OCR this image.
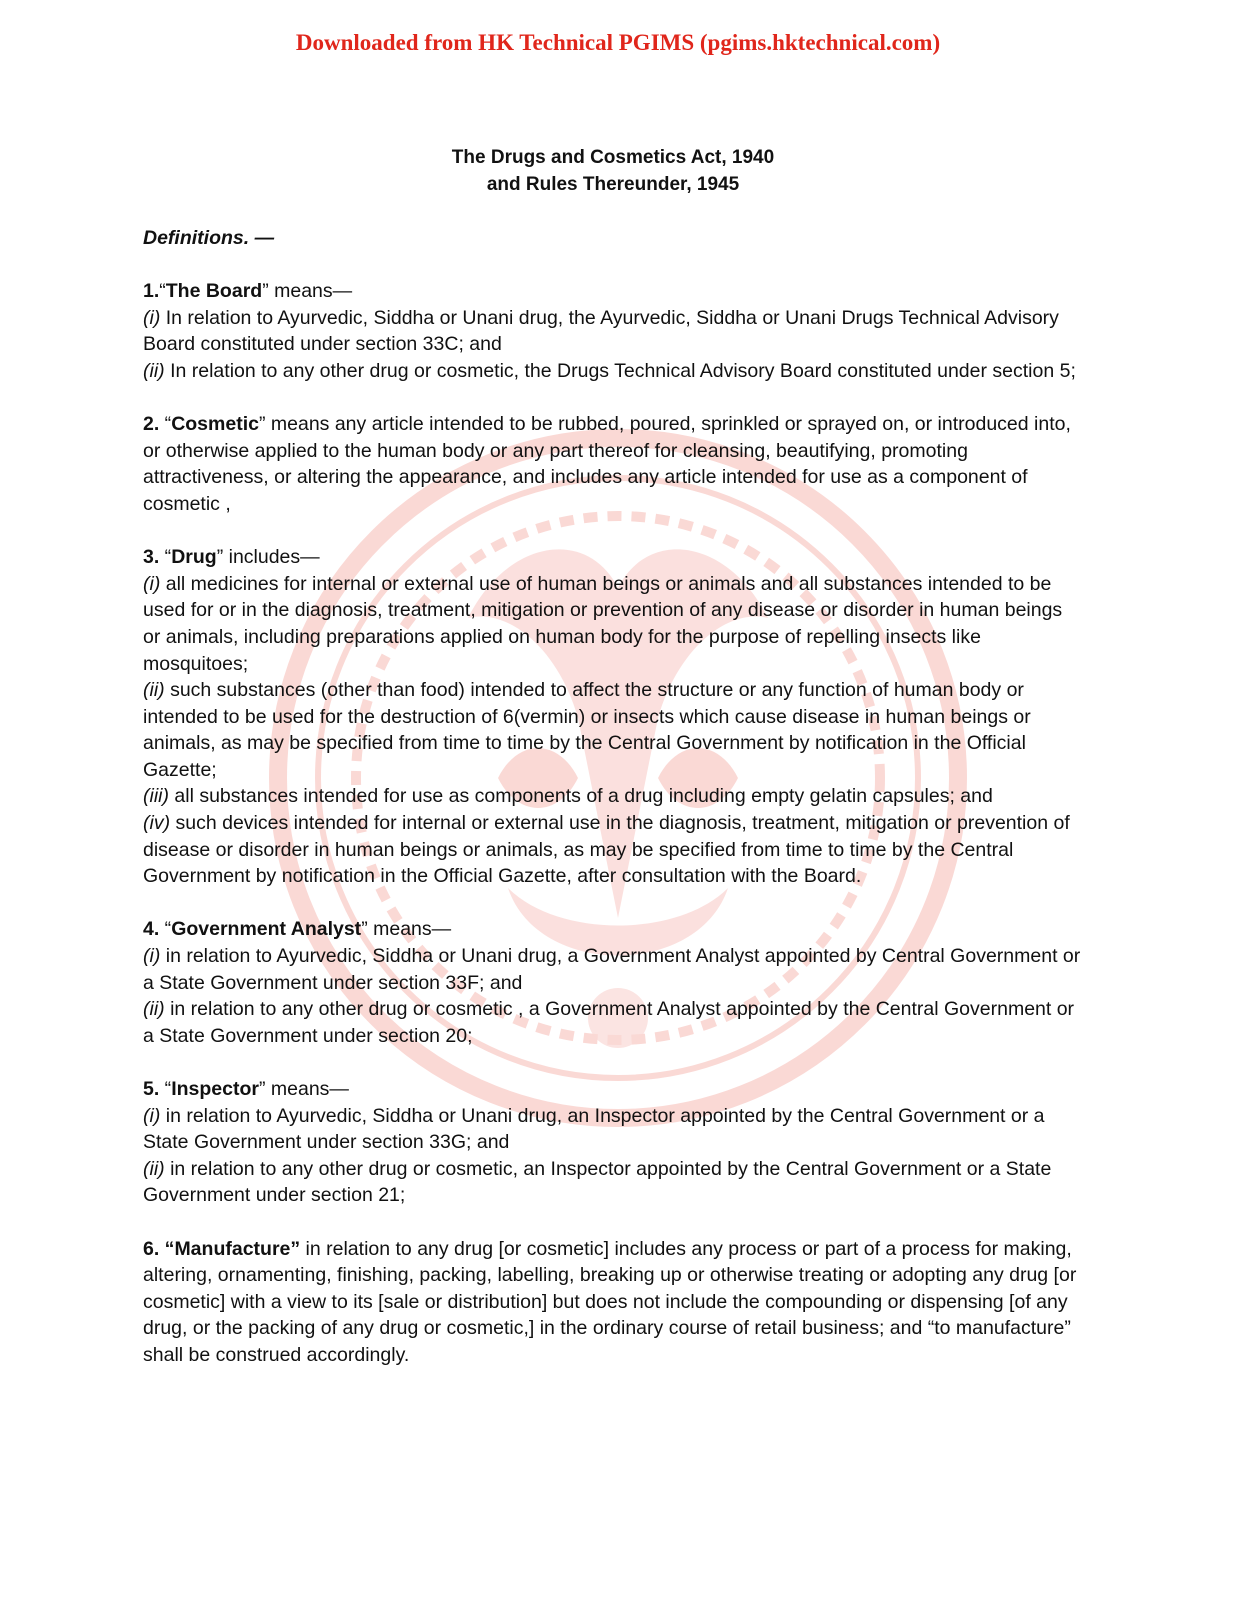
Downloaded from HK Technical PGIMS (pgims.hktechnical.com)
The Drugs and Cosmetics Act, 1940
and Rules Thereunder, 1945
Definitions. —
1.“The Board” means—
(i) In relation to Ayurvedic, Siddha or Unani drug, the Ayurvedic, Siddha or Unani Drugs Technical Advisory Board constituted under section 33C; and
(ii) In relation to any other drug or cosmetic, the Drugs Technical Advisory Board constituted under section 5;
2. “Cosmetic” means any article intended to be rubbed, poured, sprinkled or sprayed on, or introduced into, or otherwise applied to the human body or any part thereof for cleansing, beautifying, promoting attractiveness, or altering the appearance, and includes any article intended for use as a component of cosmetic ,
3. “Drug” includes—
(i) all medicines for internal or external use of human beings or animals and all substances intended to be used for or in the diagnosis, treatment, mitigation or prevention of any disease or disorder in human beings or animals, including preparations applied on human body for the purpose of repelling insects like mosquitoes;
(ii) such substances (other than food) intended to affect the structure or any function of human body or intended to be used for the destruction of 6(vermin) or insects which cause disease in human beings or animals, as may be specified from time to time by the Central Government by notification in the Official Gazette;
(iii) all substances intended for use as components of a drug including empty gelatin capsules; and
(iv) such devices intended for internal or external use in the diagnosis, treatment, mitigation or prevention of disease or disorder in human beings or animals, as may be specified from time to time by the Central Government by notification in the Official Gazette, after consultation with the Board.
4. “Government Analyst” means—
(i) in relation to Ayurvedic, Siddha or Unani drug, a Government Analyst appointed by Central Government or a State Government under section 33F; and
(ii) in relation to any other drug or cosmetic , a Government Analyst appointed by the Central Government or a State Government under section 20;
5. “Inspector” means—
(i) in relation to Ayurvedic, Siddha or Unani drug, an Inspector appointed by the Central Government or a State Government under section 33G; and
(ii) in relation to any other drug or cosmetic, an Inspector appointed by the Central Government or a State Government under section 21;
6. “Manufacture” in relation to any drug [or cosmetic] includes any process or part of a process for making, altering, ornamenting, finishing, packing, labelling, breaking up or otherwise treating or adopting any drug [or cosmetic] with a view to its [sale or distribution] but does not include the compounding or dispensing [of any drug, or the packing of any drug or cosmetic,] in the ordinary course of retail business; and “to manufacture” shall be construed accordingly.
